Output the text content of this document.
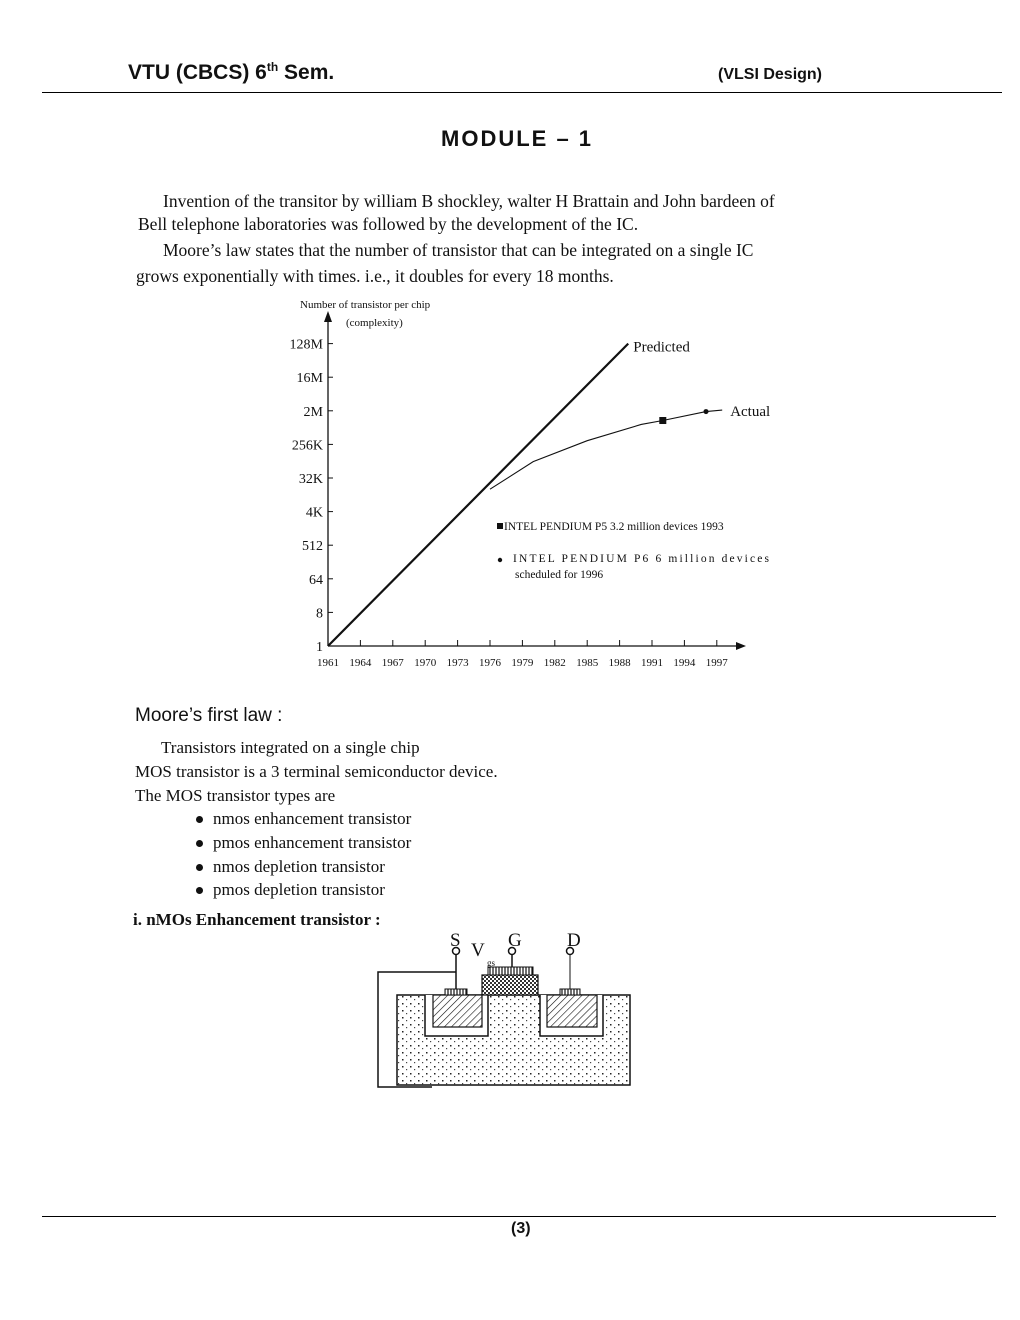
VTU (CBCS) 6th Sem.	(VLSI Design)
MODULE – 1
Invention of the transitor by william B shockley, walter H Brattain and John bardeen of
Bell telephone laboratories was followed by the development of the IC.
Moore’s law states that the number of transistor that can be integrated on a single IC
grows exponentially with times. i.e., it doubles for every 18 months.
Number of transistor per chip
(complexity)
1
8
64
512
4K
32K
256K
2M
16M
128M
1961 1964 1967 1970 1973 1976 1979 1982 1985 1988 1991 1994 1997
Predicted
Actual
INTEL PENDIUM P5 3.2 million devices 1993
INTEL PENDIUM P6 6 million devices
scheduled for 1996
Moore’s first law :
Transistors integrated on a single chip
MOS transistor is a 3 terminal semiconductor device.
The MOS transistor types are
nmos enhancement transistor
pmos enhancement transistor
nmos depletion transistor
pmos depletion transistor
i. nMOs Enhancement transistor :
S G D
V
gs
(3)
